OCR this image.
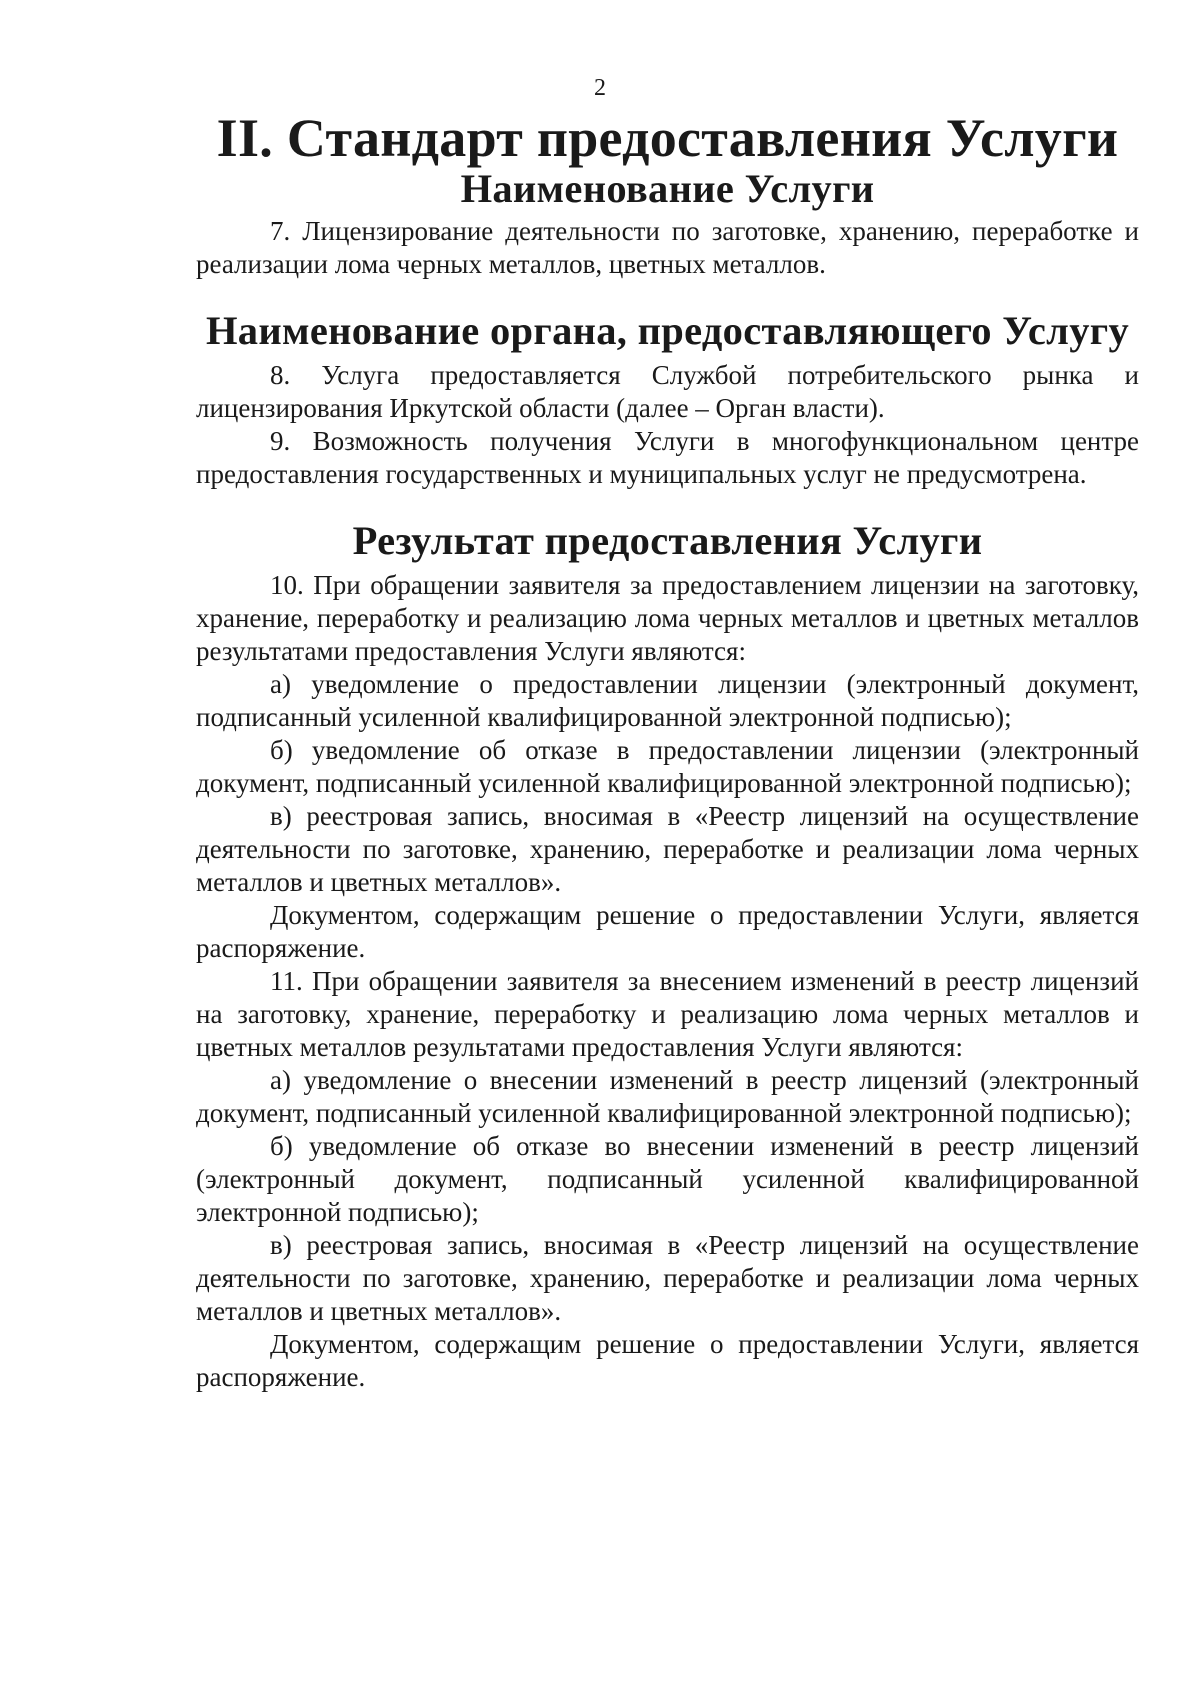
2
II. Стандарт предоставления Услуги
Наименование Услуги

7. Лицензирование деятельности по заготовке, хранению, переработке и реализации лома черных металлов, цветных металлов.

Наименование органа, предоставляющего Услугу

8. Услуга предоставляется Службой потребительского рынка и лицензирования Иркутской области (далее – Орган власти).

9. Возможность получения Услуги в многофункциональном центре предоставления государственных и муниципальных услуг не предусмотрена.

Результат предоставления Услуги

10. При обращении заявителя за предоставлением лицензии на заготовку, хранение, переработку и реализацию лома черных металлов и цветных металлов результатами предоставления Услуги являются:

а) уведомление о предоставлении лицензии (электронный документ, подписанный усиленной квалифицированной электронной подписью);

б) уведомление об отказе в предоставлении лицензии (электронный документ, подписанный усиленной квалифицированной электронной подписью);

в) реестровая запись, вносимая в «Реестр лицензий на осуществление деятельности по заготовке, хранению, переработке и реализации лома черных металлов и цветных металлов».

Документом, содержащим решение о предоставлении Услуги, является распоряжение.

11. При обращении заявителя за внесением изменений в реестр лицензий на заготовку, хранение, переработку и реализацию лома черных металлов и цветных металлов результатами предоставления Услуги являются:

а) уведомление о внесении изменений в реестр лицензий (электронный документ, подписанный усиленной квалифицированной электронной подписью);

б) уведомление об отказе во внесении изменений в реестр лицензий (электронный документ, подписанный усиленной квалифицированной электронной подписью);

в) реестровая запись, вносимая в «Реестр лицензий на осуществление деятельности по заготовке, хранению, переработке и реализации лома черных металлов и цветных металлов».

Документом, содержащим решение о предоставлении Услуги, является распоряжение.
